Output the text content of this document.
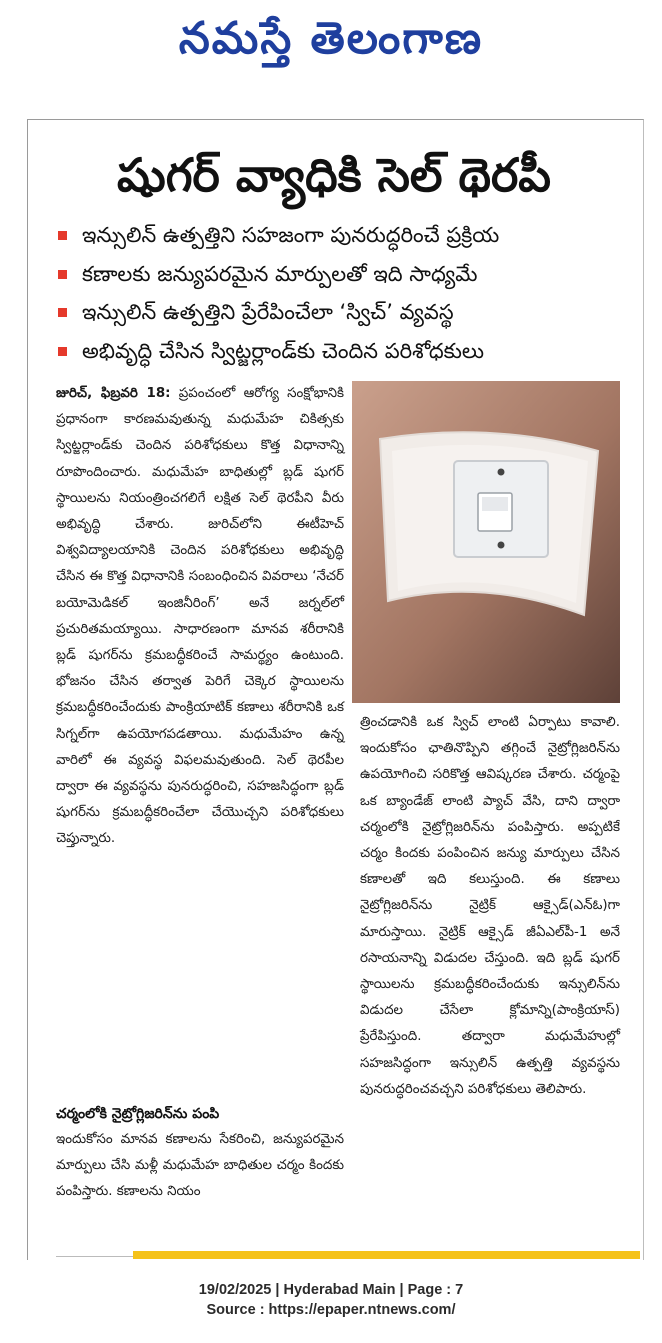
నమస్తే తెలంగాణ
షుగర్ వ్యాధికి సెల్ థెరపీ
ఇన్సులిన్ ఉత్పత్తిని సహజంగా పునరుద్ధరించే ప్రక్రియ
కణాలకు జన్యుపరమైన మార్పులతో ఇది సాధ్యమే
ఇన్సులిన్ ఉత్పత్తిని ప్రేరేపించేలా ‘స్విచ్’ వ్యవస్థ
అభివృద్ధి చేసిన స్విట్జర్లాండ్‌కు చెందిన పరిశోధకులు

జురిచ్, ఫిబ్రవరి 18: ప్రపంచంలో ఆరోగ్య సంక్షోభానికి ప్రధానంగా కారణమవుతున్న మధుమేహ చికిత్సకు స్విట్జర్లాండ్‌కు చెందిన పరిశోధకులు కొత్త విధానాన్ని రూపొందించారు. మధుమేహ బాధితుల్లో బ్లడ్ షుగర్ స్థాయిలను నియంత్రించగలిగే లక్షిత సెల్ థెరపీని వీరు అభివృద్ధి చేశారు. జురిచ్‌లోని ఈటీహెచ్ విశ్వవిద్యాలయానికి చెందిన పరిశోధకులు అభివృద్ధి చేసిన ఈ కొత్త విధానానికి సంబంధించిన వివరాలు ‘నేచర్ బయోమెడికల్ ఇంజినీరింగ్’ అనే జర్నల్‌లో ప్రచురితమయ్యాయి. సాధారణంగా మానవ శరీరానికి బ్లడ్ షుగర్‌ను క్రమబద్ధీకరించే సామర్థ్యం ఉంటుంది. భోజనం చేసిన తర్వాత పెరిగే చెక్కెర స్థాయిలను క్రమబద్ధీకరించేందుకు పాంక్రియాటిక్ కణాలు శరీరానికి ఒక సిగ్నల్‌గా ఉపయోగపడతాయి. మధుమేహం ఉన్న వారిలో ఈ వ్యవస్థ విఫలమవుతుంది. సెల్ థెరపీల ద్వారా ఈ వ్యవస్థను పునరుద్ధరించి, సహజసిద్ధంగా బ్లడ్ షుగర్‌ను క్రమబద్ధీకరించేలా చేయొచ్చని పరిశోధకులు చెప్తున్నారు.

చర్మంలోకి నైట్రోగ్లిజరిన్‌ను పంపి

ఇందుకోసం మానవ కణాలను సేకరించి, జన్యుపరమైన మార్పులు చేసి మళ్లీ మధుమేహ బాధితుల చర్మం కిందకు పంపిస్తారు. కణాలను నియం

త్రించడానికి ఒక స్విచ్ లాంటి ఏర్పాటు కావాలి. ఇందుకోసం ఛాతినొప్పిని తగ్గించే నైట్రోగ్లిజరిన్‌ను ఉపయోగించి సరికొత్త ఆవిష్కరణ చేశారు. చర్మంపై ఒక బ్యాండేజ్ లాంటి ప్యాచ్ వేసి, దాని ద్వారా చర్మంలోకి నైట్రోగ్లిజరిన్‌ను పంపిస్తారు. అప్పటికే చర్మం కిందకు పంపించిన జన్యు మార్పులు చేసిన కణాలతో ఇది కలుస్తుంది. ఈ కణాలు నైట్రోగ్లిజరిన్‌ను నైట్రిక్ ఆక్సైడ్(ఎన్ఓ)గా మారుస్తాయి. నైట్రిక్ ఆక్సైడ్ జీఏఎల్‌పీ-1 అనే రసాయనాన్ని విడుదల చేస్తుంది. ఇది బ్లడ్ షుగర్ స్థాయిలను క్రమబద్ధీకరించేందుకు ఇన్సులిన్‌ను విడుదల చేసేలా క్లోమాన్ని(పాంక్రియాస్) ప్రేరేపిస్తుంది. తద్వారా మధుమేహుల్లో సహజసిద్ధంగా ఇన్సులిన్ ఉత్పత్తి వ్యవస్థను పునరుద్ధరించవచ్చని పరిశోధకులు తెలిపారు.

19/02/2025 | Hyderabad Main | Page : 7
Source : https://epaper.ntnews.com/
